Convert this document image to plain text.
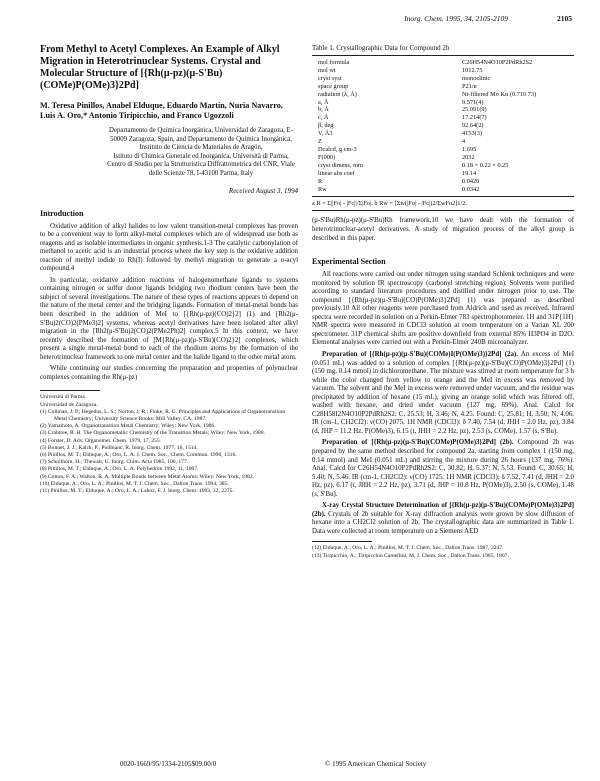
Inorg. Chem. 1995, 34, 2105-2109	2105
From Methyl to Acetyl Complexes. An Example of Alkyl Migration in Heterotrinuclear Systems. Crystal and Molecular Structure of [{Rh(μ-pz)(μ-S'Bu)(COMe)P(OMe)3}2Pd]
M. Teresa Pinillos, Anabel Elduque, Eduardo Martín, Nuria Navarro, Luis A. Oro,* Antonio Tiripicchio, and Franco Ugozzoli

Departamento de Química Inorgánica, Universidad de Zaragoza, E-50009 Zaragoza, Spain, and Departamento de Química Inorgánica, Instituto de Ciencia de Materiales de Aragón,

Istituto di Chimica Generale ed Inorganica, Università di Parma, Centro di Studio per la Strutturistica Diffrattometrica del CNR, Viale delle Scienze 78, I-43100 Parma, Italy

Received August 3, 1994
Introduction

Oxidative addition of alkyl halides to low valent transition-metal complexes has proven to be a convenient way to form alkyl-metal complexes which are of widespread use both as reagents and as isolable intermediates in organic synthesis.1-3 The catalytic carbonylation of methanol to acetic acid is an industrial process where the key step is the oxidative addition reaction of methyl iodide to Rh(I) followed by methyl migration to generate a σ-acyl compound.4

In particular, oxidative addition reactions of halogenomethane ligands to systems containing nitrogen or sulfur donor ligands bridging two rhodium centers have been the subject of several investigations. The nature of these types of reactions appears to depend on the nature of the metal center and the bridging ligands. Formation of metal-metal bonds has been described in the addition of MeI to [{Rh(μ-pz)(CO)2}2] (1) and [Rh2(μ-S'Bu)2(CO)2(PMe3)2] systems, whereas acetyl derivatives have been isolated after alkyl migration in the [Rh2(μ-S'Bu)2(CO)2(PMe2Ph)2] complex.5 In this context, we have recently described the formation of [M{Rh(μ-pz)(μ-S'Bu)(CO)2}2] complexes, which present a single metal-metal bond to each of the rhodium atoms by the formation of the heterotrinuclear framework to one metal center and the halide ligand to the other metal atom.

While continuing our studies concerning the preparation and properties of polynuclear complexes containing the Rh(μ-pz)

Università di Parma.

Universidad de Zaragoza.

(1) Collman, J. P.; Hegedus, L. S.; Norton, J. R.; Finke, R. G. Principles and Applications of Organotransition Metal Chemistry; University Science Books: Mill Valley, CA, 1987.

(2) Yamamoto, A. Organotransition Metal Chemistry; Wiley: New York, 1986.

(3) Crabtree, R. H. The Organometallic Chemistry of the Transition Metals; Wiley: New York, 1988.

(4) Forster, D. Adv. Organomet. Chem. 1979, 17, 255.

(5) Bonnet, J. J.; Kalck, P.; Poilblanc, R. Inorg. Chem. 1977, 16, 1514.

(6) Pinillos, M. T.; Elduque, A.; Oro, L. A. J. Chem. Soc., Chem. Commun. 1990, 1316.

(7) Schollhorn, H.; Thewalt, U. Inorg. Chim. Acta 1985, 106, 177.

(8) Pinillos, M. T.; Elduque, A.; Oro, L. A. Polyhedron 1992, 11, 1007.

(9) Cotton, F. A.; Walton, R. A. Multiple Bonds between Metal Atoms; Wiley: New York, 1982.

(10) Elduque, A.; Oro, L. A.; Pinillos, M. T. J. Chem. Soc., Dalton Trans. 1994, 385.

(11) Pinillos, M. T.; Elduque, A.; Oro, L. A.; Lahoz, F. J. Inorg. Chem. 1993, 32, 2275.

Table 1. Crystallographic Data for Compound 2b
mol formula	C26H54N4O10P2PdRh2S2
mol wt	1012.75
cryst syst	monoclinic
space group	P21/n
radiation (λ, Å)	Ni-filtered Mo Kα (0.710 73)
a, Å	9.571(4)
b, Å	25.091(9)
c, Å	17.214(7)
β, deg	92.64(2)
V, Å3	4153(3)
Z	4
Dcalcd, g cm-3	1.695
F(000)	2032
cryst dimens, mm	0.18 × 0.22 × 0.25
linear abs coef	19.14
R	0.0420
Rw	0.0342
a R = Σ||Fo| - |Fc||/Σ|Fo|. b Rw = [Σw(|Fo| - |Fc|)2/ΣwFo2]1/2.

(μ-S'Bu)Rh(μ-pz)(μ-S'Bu)Rh framework,10 we have dealt with the formation of heterotrinuclear-acetyl derivatives. A study of migration process of the alkyl group is described in this paper.

Experimental Section

All reactions were carried out under nitrogen using standard Schlenk techniques and were monitored by solution IR spectroscopy (carbonyl stretching region). Solvents were purified according to standard literature procedures and distilled under nitrogen prior to use. The compound [{Rh(μ-pz)(μ-S'Bu)(CO)P(OMe)3}2Pd] (1) was prepared as described previously.10 All other reagents were purchased from Aldrich and used as received. Infrared spectra were recorded in solution on a Perkin-Elmer 783 spectrophotometer. 1H and 31P{1H} NMR spectra were measured in CDCl3 solution at room temperature on a Varian XL 200 spectrometer. 31P chemical shifts are positive downfield from external 85% H3PO4 in D2O. Elemental analyses were carried out with a Perkin-Elmer 240B microanalyzer.

Preparation of [{Rh(μ-pz)(μ-S'Bu)(COMe)I(P(OMe)3)}2Pd] (2a). An excess of MeI (0.051 mL) was added to a solution of complex [{Rh(μ-pz)(μ-S'Bu)(CO)P(OMe)3}2Pd] (1) (150 mg, 0.14 mmol) in dichloromethane. The mixture was stirred at room temperature for 3 h while the color changed from yellow to orange and the MeI in excess was removed by vacuum. The solvent and the MeI in excess were removed under vacuum, and the residue was precipitated by addition of hexane (15 mL), giving an orange solid which was filtered off, washed with hexane, and dried under vacuum (127 mg, 69%). Anal. Calcd for C28H58I2N4O10P2PdRh2S2: C, 25.53; H, 3.46; N, 4.25. Found: C, 25.81; H, 3.50; N, 4.06. IR (cm-1, CH2Cl2): ν(CO) 2075. 1H NMR (CDCl3): δ 7.40, 7.54 (d, JHH = 2.0 Hz, pz), 3.84 (d, JHP = 11.2 Hz, P(OMe)3), 6.15 (t, JHH = 2.2 Hz, pz), 2.53 (s, COMe), 1.57 (s, S'Bu).

Preparation of [{Rh(μ-pz)(μ-S'Bu)(COMe)P(OMe)3}2Pd] (2b). Compound 2b was prepared by the same method described for compound 2a, starting from complex 1 (150 mg, 0.14 mmol) and MeI (0.051 mL) and stirring the mixture during 26 hours (137 mg, 76%). Anal. Calcd for C26H54N4O10P2PdRh2S2: C, 30.82; H, 5.37; N, 5.53. Found: C, 30.65; H, 5.40; N, 5.46. IR (cm-1, CH2Cl2): ν(CO) 1725. 1H NMR (CDCl3): δ 7.52, 7.41 (d, JHH = 2.0 Hz, pz), 6.17 (t, JHH = 2.2 Hz, pz), 3.71 (d, JHP = 10.8 Hz, P(OMe)3), 2.50 (s, COMe), 1.48 (s, S'Bu).

X-ray Crystal Structure Determination of [{Rh(μ-pz)(μ-S'Bu)(COMe)P(OMe)3}2Pd] (2b). Crystals of 2b suitable for X-ray diffraction analysis were grown by slow diffusion of hexane into a CH2Cl2 solution of 2b. The crystallographic data are summarized in Table 1. Data were collected at room temperature on a Siemens AED

(12) Elduque, A.; Oro, L. A.; Pinillos, M. T. J. Chem. Soc., Dalton Trans. 1987, 2247.

(13) Tiripicchio, A.; Tiripicchio Camellini, M. J. Chem. Soc., Dalton Trans. 1985, 1807.

0020-1669/95/1334-2105$09.00/0	© 1995 American Chemical Society
